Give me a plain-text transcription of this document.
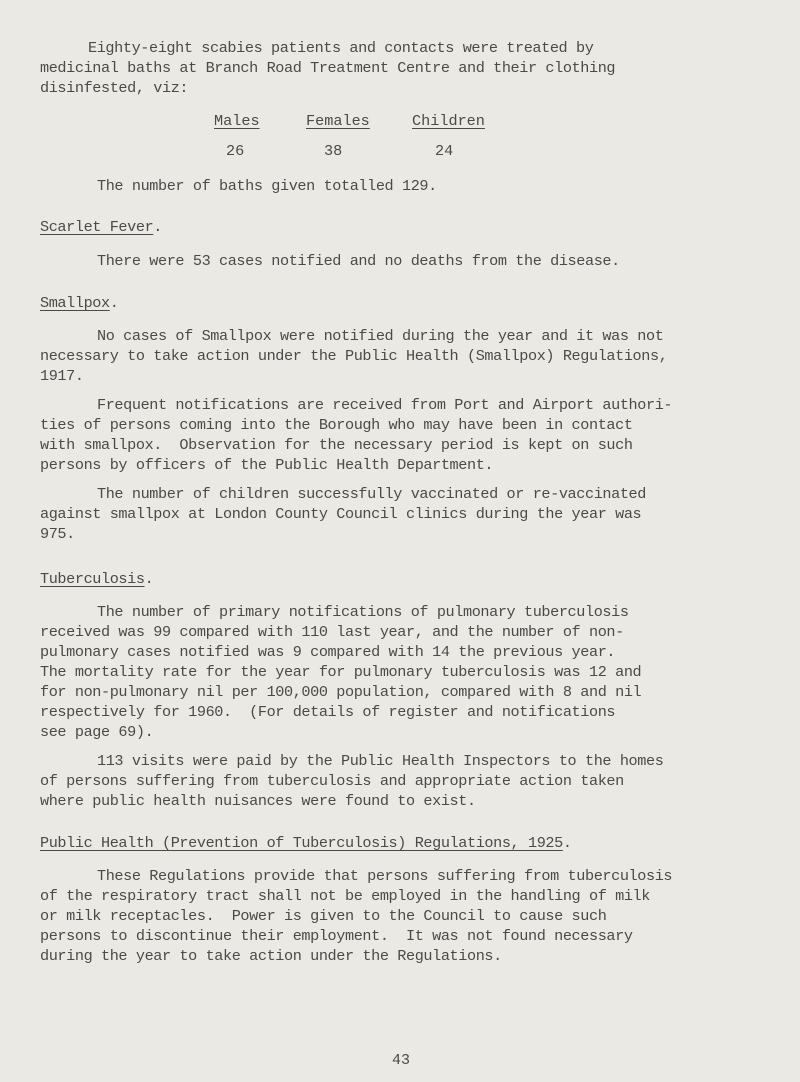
Eighty-eight scabies patients and contacts were treated by
medicinal baths at Branch Road Treatment Centre and their clothing
disinfested, viz:
Males	Females	Children
26	38	24
The number of baths given totalled 129.
Scarlet Fever.
There were 53 cases notified and no deaths from the disease.
Smallpox.
No cases of Smallpox were notified during the year and it was not
necessary to take action under the Public Health (Smallpox) Regulations,
1917.
Frequent notifications are received from Port and Airport authori-
ties of persons coming into the Borough who may have been in contact
with smallpox.  Observation for the necessary period is kept on such
persons by officers of the Public Health Department.
The number of children successfully vaccinated or re-vaccinated
against smallpox at London County Council clinics during the year was
975.
Tuberculosis.
The number of primary notifications of pulmonary tuberculosis
received was 99 compared with 110 last year, and the number of non-
pulmonary cases notified was 9 compared with 14 the previous year.
The mortality rate for the year for pulmonary tuberculosis was 12 and
for non-pulmonary nil per 100,000 population, compared with 8 and nil
respectively for 1960.  (For details of register and notifications
see page 69).
113 visits were paid by the Public Health Inspectors to the homes
of persons suffering from tuberculosis and appropriate action taken
where public health nuisances were found to exist.
Public Health (Prevention of Tuberculosis) Regulations, 1925.
These Regulations provide that persons suffering from tuberculosis
of the respiratory tract shall not be employed in the handling of milk
or milk receptacles.  Power is given to the Council to cause such
persons to discontinue their employment.  It was not found necessary
during the year to take action under the Regulations.
43
